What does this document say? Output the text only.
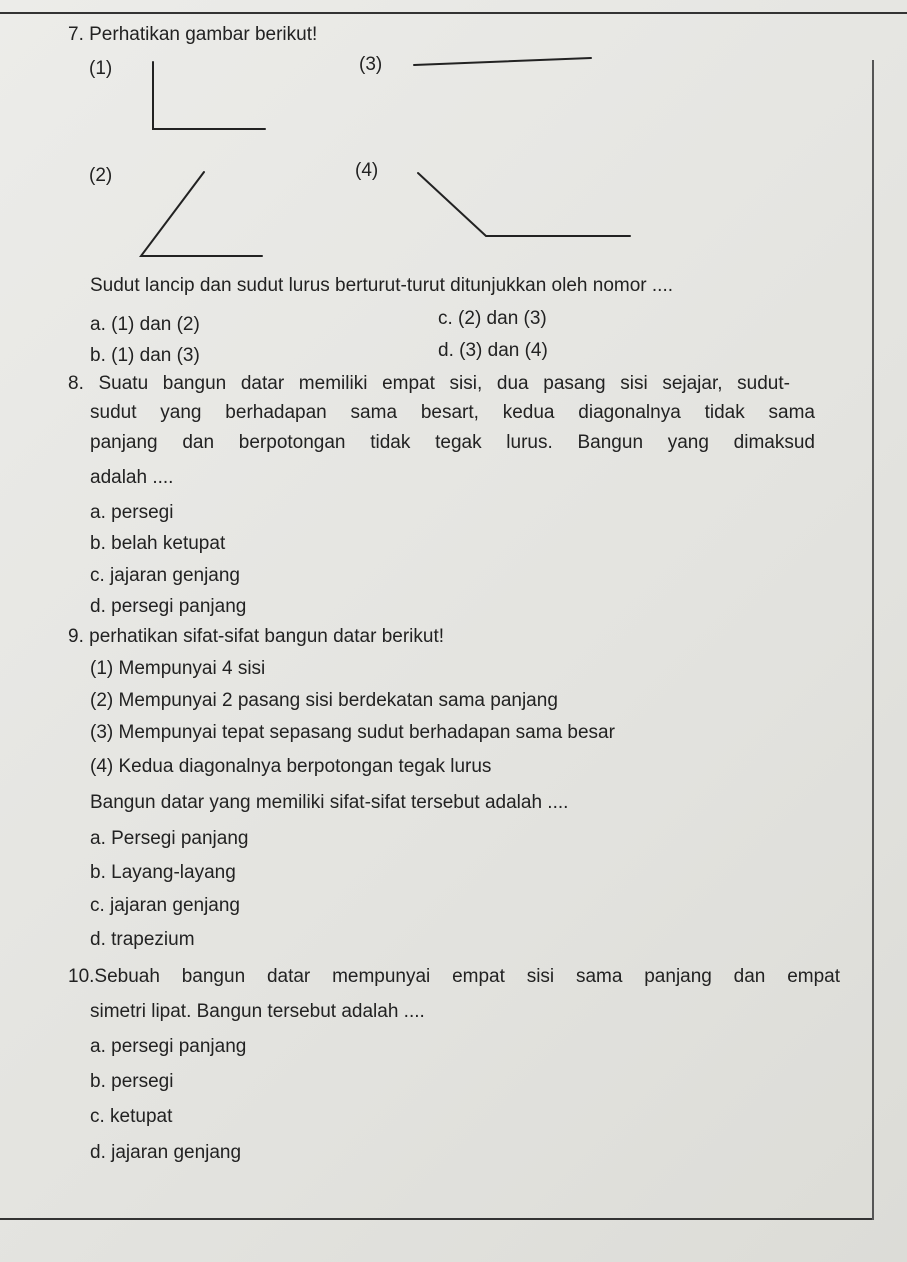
7. Perhatikan gambar berikut!
(1)	(3)
(2)	(4)
Sudut lancip dan sudut lurus berturut-turut ditunjukkan oleh nomor ....
a. (1) dan (2)	c. (2) dan (3)
b. (1) dan (3)	d. (3) dan (4)
8. Suatu bangun datar memiliki empat sisi, dua pasang sisi sejajar, sudut-
sudut yang berhadapan sama besart, kedua diagonalnya tidak sama
panjang dan berpotongan tidak tegak lurus. Bangun yang dimaksud
adalah ....
a. persegi
b. belah ketupat
c. jajaran genjang
d. persegi panjang
9. perhatikan sifat-sifat bangun datar berikut!
(1) Mempunyai 4 sisi
(2) Mempunyai 2 pasang sisi berdekatan sama panjang
(3) Mempunyai tepat sepasang sudut berhadapan sama besar
(4) Kedua diagonalnya berpotongan tegak lurus
Bangun datar yang memiliki sifat-sifat tersebut adalah ....
a. Persegi panjang
b. Layang-layang
c. jajaran genjang
d. trapezium
10.Sebuah bangun datar mempunyai empat sisi sama panjang dan empat
simetri lipat. Bangun tersebut adalah ....
a. persegi panjang
b. persegi
c. ketupat
d. jajaran genjang
